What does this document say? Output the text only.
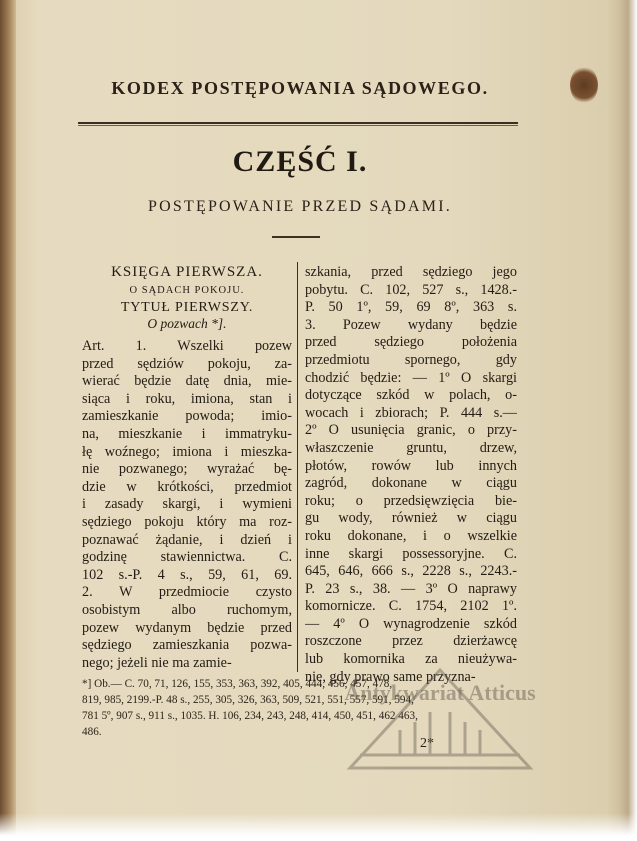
KODEX POSTĘPOWANIA SĄDOWEGO.
CZĘŚĆ I.
POSTĘPOWANIE PRZED SĄDAMI.
KSIĘGA PIERWSZA.
O SĄDACH POKOJU.
TYTUŁ PIERWSZY.
O pozwach *].
Art. 1. Wszelki pozew
przed sędziów pokoju, za-
wierać będzie datę dnia, mie-
siąca i roku, imiona, stan i
zamieszkanie powoda; imio-
na, mieszkanie i immatryku-
łę woźnego; imiona i mieszka-
nie pozwanego; wyrażać bę-
dzie w krótkości, przedmiot
i zasady skargi, i wymieni
sędziego pokoju który ma roz-
poznawać żądanie, i dzień i
godzinę stawiennictwa. C.
102 s.-P. 4 s., 59, 61, 69.
2. W przedmiocie czysto
osobistym albo ruchomym,
pozew wydanym będzie przed
sędziego zamieszkania pozwa-
nego; jeżeli nie ma zamie-
szkania, przed sędziego jego
pobytu. C. 102, 527 s., 1428.-
P. 50 1º, 59, 69 8º, 363 s.
3. Pozew wydany będzie
przed sędziego położenia
przedmiotu spornego, gdy
chodzić będzie: — 1º O skargi
dotyczące szkód w polach, o-
wocach i zbiorach; P. 444 s.—
2º O usunięcia granic, o przy-
właszczenie gruntu, drzew,
płotów, rowów lub innych
zagród, dokonane w ciągu
roku; o przedsięwzięcia bie-
gu wody, również w ciągu
roku dokonane, i o wszelkie
inne skargi possessoryjne. C.
645, 646, 666 s., 2228 s., 2243.-
P. 23 s., 38. — 3º O naprawy
komornicze. C. 1754, 2102 1º.
— 4º O wynagrodzenie szkód
roszczone przez dzierżawcę
lub komornika za nieużywa-
nie, gdy prawo same przyzna-
*] Ob.— C. 70, 71, 126, 155, 353, 363, 392, 405, 444, 456, 457, 478,
819, 985, 2199.-P. 48 s., 255, 305, 326, 363, 509, 521, 551, 557, 591, 594,
781 5º, 907 s., 911 s., 1035. H. 106, 234, 243, 248, 414, 450, 451, 462 463,
486.
2*
Antykwariat Atticus
